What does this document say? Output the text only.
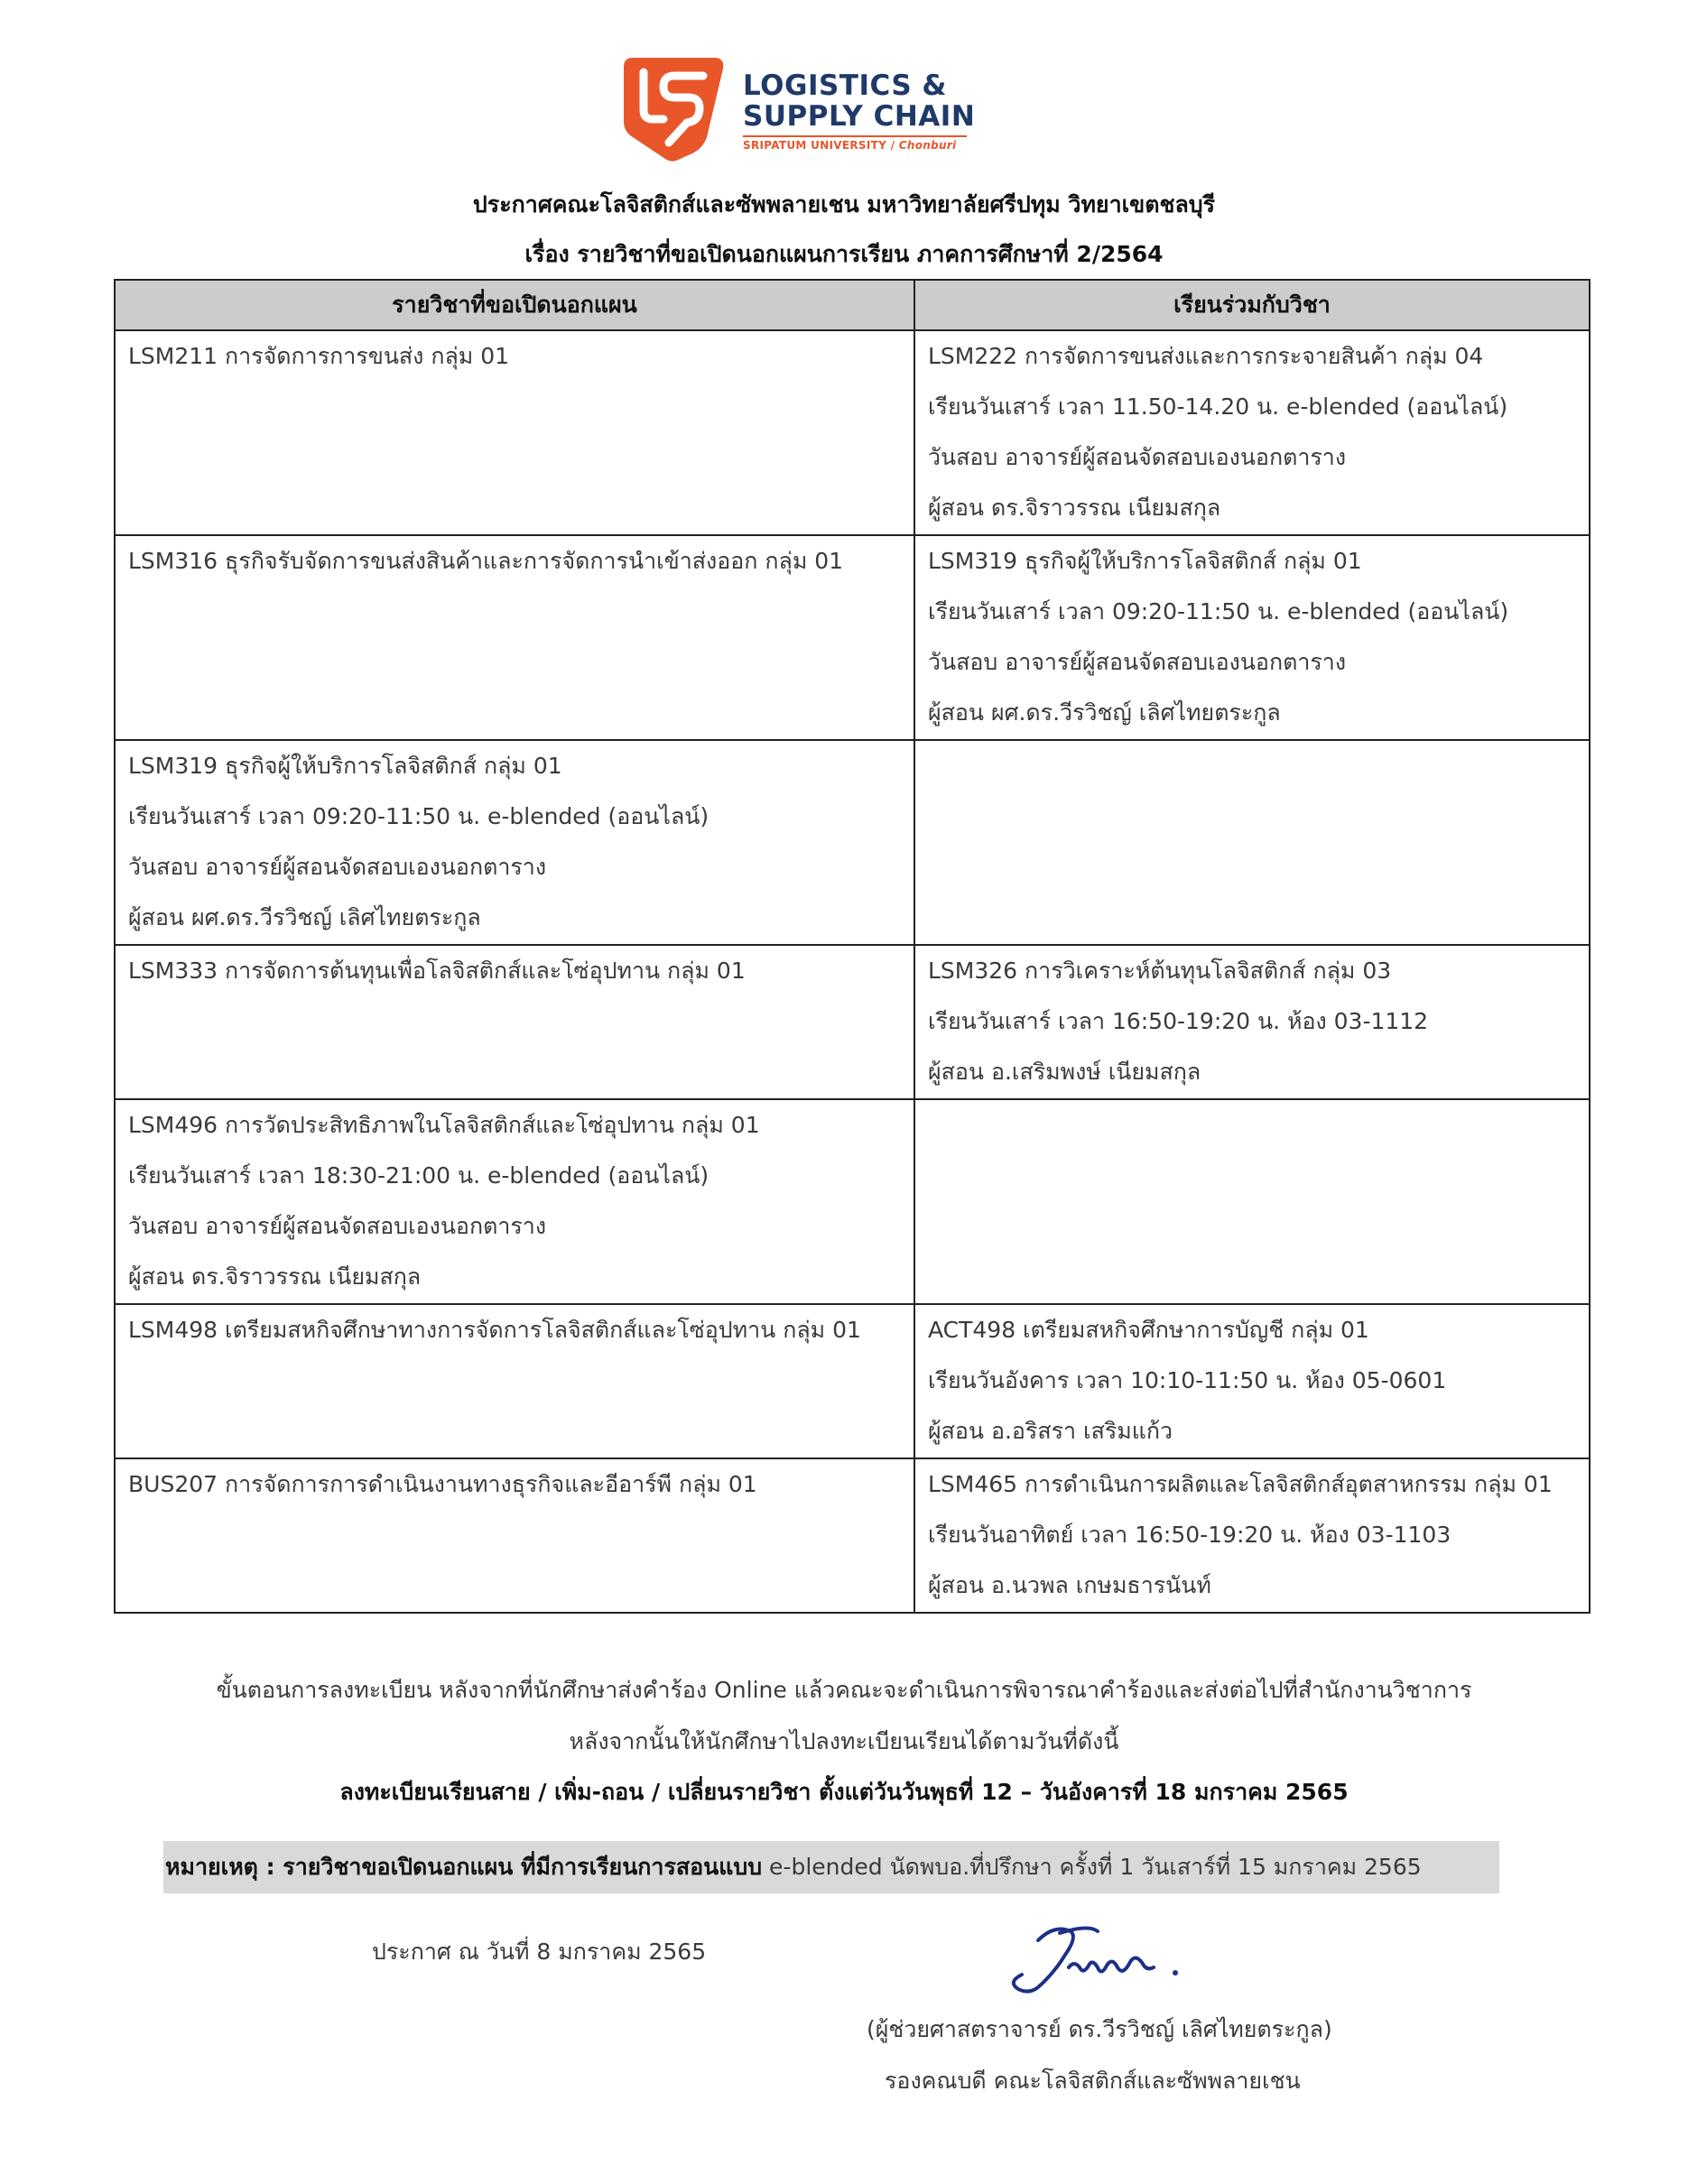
LOGISTICS &
SUPPLY CHAIN
SRIPATUM UNIVERSITY / Chonburi
ประกาศคณะโลจิสติกส์และซัพพลายเชน มหาวิทยาลัยศรีปทุม วิทยาเขตชลบุรี
เรื่อง รายวิชาที่ขอเปิดนอกแผนการเรียน ภาคการศึกษาที่ 2/2564
รายวิชาที่ขอเปิดนอกแผน	เรียนร่วมกับวิชา

LSM211 การจัดการการขนส่ง กลุ่ม 01	LSM222 การจัดการขนส่งและการกระจายสินค้า กลุ่ม 04
เรียนวันเสาร์ เวลา 11.50-14.20 น. e-blended (ออนไลน์)
วันสอบ อาจารย์ผู้สอนจัดสอบเองนอกตาราง
ผู้สอน ดร.จิราวรรณ เนียมสกุล

LSM316 ธุรกิจรับจัดการขนส่งสินค้าและการจัดการนำเข้าส่งออก กลุ่ม 01	LSM319 ธุรกิจผู้ให้บริการโลจิสติกส์ กลุ่ม 01
เรียนวันเสาร์ เวลา 09:20-11:50 น. e-blended (ออนไลน์)
วันสอบ อาจารย์ผู้สอนจัดสอบเองนอกตาราง
ผู้สอน ผศ.ดร.วีรวิชญ์ เลิศไทยตระกูล

LSM319 ธุรกิจผู้ให้บริการโลจิสติกส์ กลุ่ม 01
เรียนวันเสาร์ เวลา 09:20-11:50 น. e-blended (ออนไลน์)
วันสอบ อาจารย์ผู้สอนจัดสอบเองนอกตาราง
ผู้สอน ผศ.ดร.วีรวิชญ์ เลิศไทยตระกูล	

LSM333 การจัดการต้นทุนเพื่อโลจิสติกส์และโซ่อุปทาน กลุ่ม 01	LSM326 การวิเคราะห์ต้นทุนโลจิสติกส์ กลุ่ม 03
เรียนวันเสาร์ เวลา 16:50-19:20 น. ห้อง 03-1112
ผู้สอน อ.เสริมพงษ์ เนียมสกุล

LSM496 การวัดประสิทธิภาพในโลจิสติกส์และโซ่อุปทาน กลุ่ม 01
เรียนวันเสาร์ เวลา 18:30-21:00 น. e-blended (ออนไลน์)
วันสอบ อาจารย์ผู้สอนจัดสอบเองนอกตาราง
ผู้สอน ดร.จิราวรรณ เนียมสกุล	

LSM498 เตรียมสหกิจศึกษาทางการจัดการโลจิสติกส์และโซ่อุปทาน กลุ่ม 01	ACT498 เตรียมสหกิจศึกษาการบัญชี กลุ่ม 01
เรียนวันอังคาร เวลา 10:10-11:50 น. ห้อง 05-0601
ผู้สอน อ.อริสรา เสริมแก้ว

BUS207 การจัดการการดำเนินงานทางธุรกิจและอีอาร์พี กลุ่ม 01	LSM465 การดำเนินการผลิตและโลจิสติกส์อุตสาหกรรม กลุ่ม 01
เรียนวันอาทิตย์ เวลา 16:50-19:20 น. ห้อง 03-1103
ผู้สอน อ.นวพล เกษมธารนันท์
ขั้นตอนการลงทะเบียน หลังจากที่นักศึกษาส่งคำร้อง Online แล้วคณะจะดำเนินการพิจารณาคำร้องและส่งต่อไปที่สำนักงานวิชาการ
หลังจากนั้นให้นักศึกษาไปลงทะเบียนเรียนได้ตามวันที่ดังนี้
ลงทะเบียนเรียนสาย / เพิ่ม-ถอน / เปลี่ยนรายวิชา ตั้งแต่วันวันพุธที่ 12 – วันอังคารที่ 18 มกราคม 2565
หมายเหตุ : รายวิชาขอเปิดนอกแผน ที่มีการเรียนการสอนแบบ e-blended นัดพบอ.ที่ปรึกษา ครั้งที่ 1 วันเสาร์ที่ 15 มกราคม 2565
ประกาศ ณ วันที่ 8 มกราคม 2565
(ผู้ช่วยศาสตราจารย์ ดร.วีรวิชญ์ เลิศไทยตระกูล)
รองคณบดี คณะโลจิสติกส์และซัพพลายเชน
